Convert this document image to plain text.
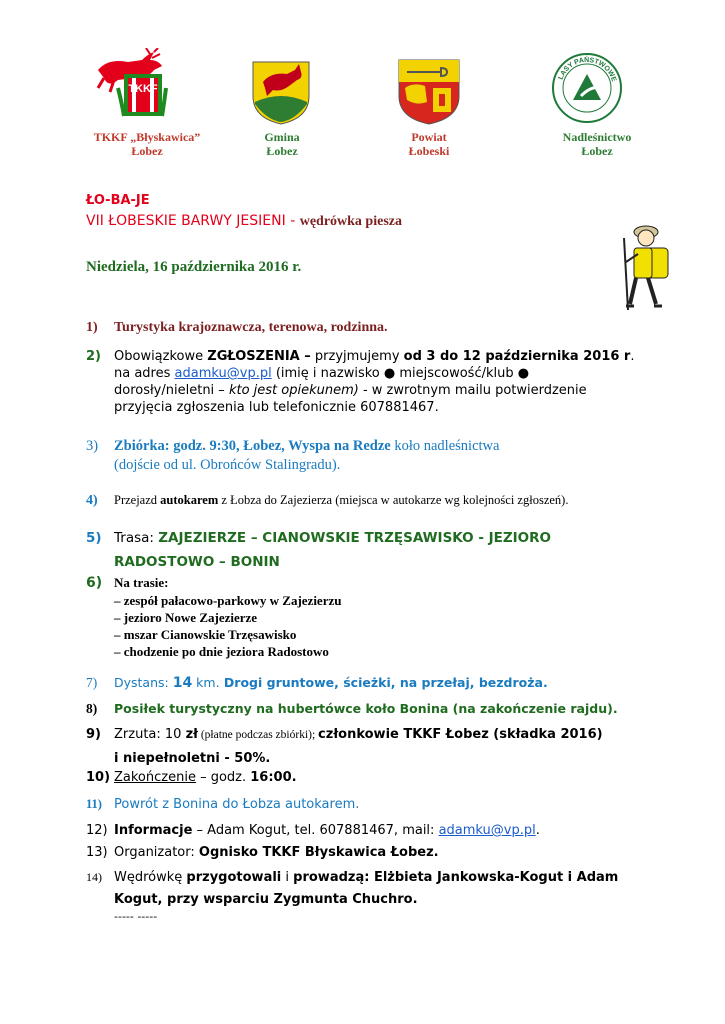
TKKF
LASY PAŃSTWOWE
TKKF „Błyskawica”
Łobez
Gmina
Łobez
Powiat
Łobeski
Nadleśnictwo
Łobez
ŁO-BA-JE
VII ŁOBESKIE BARWY JESIENI - wędrówka piesza
Niedziela, 16 października 2016 r.
1) Turystyka krajoznawcza, terenowa, rodzinna.
2) Obowiązkowe ZGŁOSZENIA – przyjmujemy od 3 do 12 października 2016 r.
na adres adamku@vp.pl (imię i nazwisko ● miejscowość/klub ●
dorosły/nieletni – kto jest opiekunem) - w zwrotnym mailu potwierdzenie
przyjęcia zgłoszenia lub telefonicznie 607881467.
3) Zbiórka: godz. 9:30, Łobez, Wyspa na Redze koło nadleśnictwa
(dojście od ul. Obrońców Stalingradu).
4) Przejazd autokarem z Łobza do Zajezierza (miejsca w autokarze wg kolejności zgłoszeń).
5) Trasa: ZAJEZIERZE – CIANOWSKIE TRZĘSAWISKO - JEZIORO
RADOSTOWO – BONIN
6) Na trasie:
– zespół pałacowo-parkowy w Zajezierzu
– jezioro Nowe Zajezierze
– mszar Cianowskie Trzęsawisko
– chodzenie po dnie jeziora Radostowo
7) Dystans: 14 km. Drogi gruntowe, ścieżki, na przełaj, bezdroża.
8) Posiłek turystyczny na hubertówce koło Bonina (na zakończenie rajdu).
9) Zrzuta: 10 zł (płatne podczas zbiórki); członkowie TKKF Łobez (składka 2016)
i niepełnoletni - 50%.
10) Zakończenie – godz. 16:00.
11) Powrót z Bonina do Łobza autokarem.
12) Informacje – Adam Kogut, tel. 607881467, mail: adamku@vp.pl.
13) Organizator: Ognisko TKKF Błyskawica Łobez.
14) Wędrówkę przygotowali i prowadzą: Elżbieta Jankowska-Kogut i Adam
Kogut, przy wsparciu Zygmunta Chuchro.
----- -----
